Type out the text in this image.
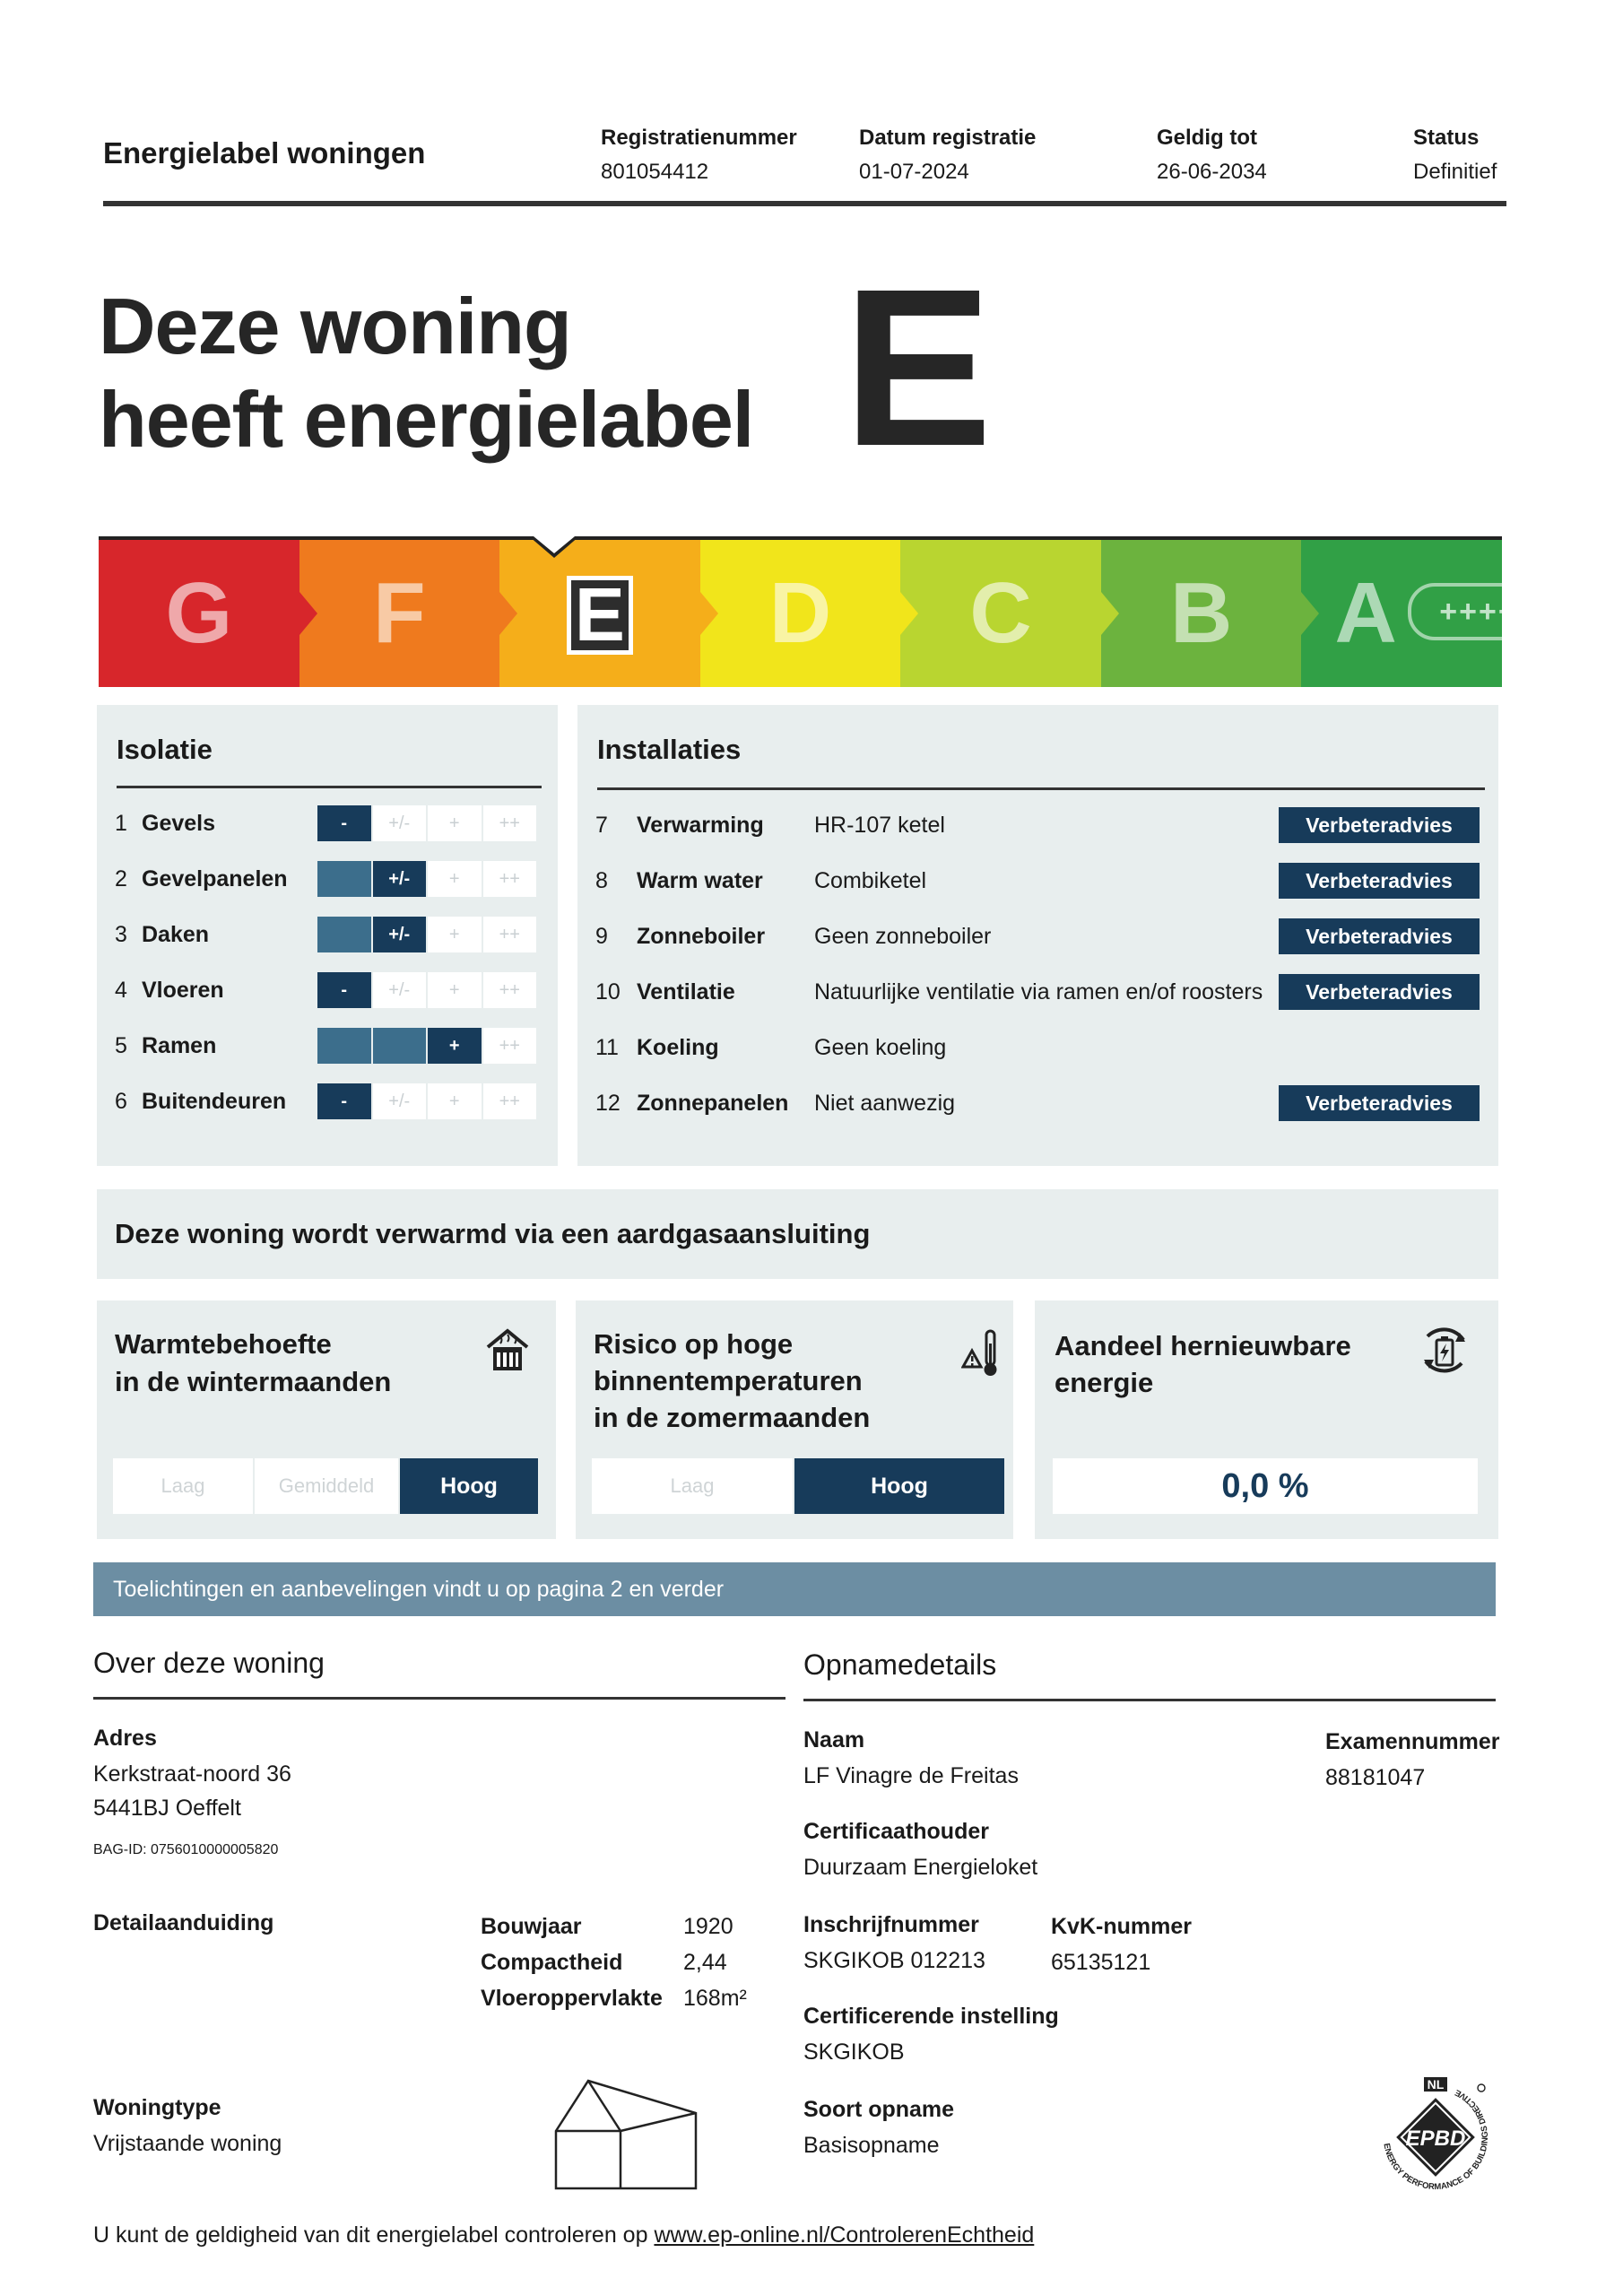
Energielabel woningen	Registratienummer
801054412
Datum registratie
01-07-2024
Geldig tot
26-06-2034
Status
Definitief
Deze woning
heeft energielabel E
G	F	E	D	C	B	A	++++
Isolatie
1 Gevels	-	+/-	+	++
2 Gevelpanelen	+/-	+	++
3 Daken	+/-	+	++
4 Vloeren	-	+/-	+	++
5 Ramen	+	++
6 Buitendeuren	-	+/-	+	++
Installaties
7 Verwarming HR-107 ketel	Verbeteradvies
8 Warm water Combiketel	Verbeteradvies
9 Zonneboiler Geen zonneboiler	Verbeteradvies
10 Ventilatie	Natuurlijke ventilatie via ramen en/of roosters	Verbeteradvies
11 Koeling	Geen koeling
12 Zonnepanelen Niet aanwezig	Verbeteradvies
Deze woning wordt verwarmd via een aardgasaansluiting
Warmtebehoefte
in de wintermaanden
Laag	Gemiddeld	Hoog
Risico op hoge
binnentemperaturen
in de zomermaanden
Laag	Hoog
Aandeel hernieuwbare
energie
0,0 %
Toelichtingen en aanbevelingen vindt u op pagina 2 en verder
Over deze woning
Adres
Kerkstraat-noord 36
5441BJ Oeffelt
BAG-ID: 0756010000005820
Detailaanduiding	Bouwjaar	1920
Compactheid	2,44
Vloeroppervlakte 168m²
Woningtype
Vrijstaande woning
Opnamedetails
Naam
LF Vinagre de Freitas
Examennummer
88181047
Certificaathouder
Duurzaam Energieloket
Inschrijfnummer
SKGIKOB 012213
KvK-nummer
65135121
Certificerende instelling
SKGIKOB
Soort opname
Basisopname	ENERGY PERFORMANCE OF BUILDINGS DIRECTIVE
EPBD
NL
U kunt de geldigheid van dit energielabel controleren op www.ep-online.nl/ControlerenEchtheid
